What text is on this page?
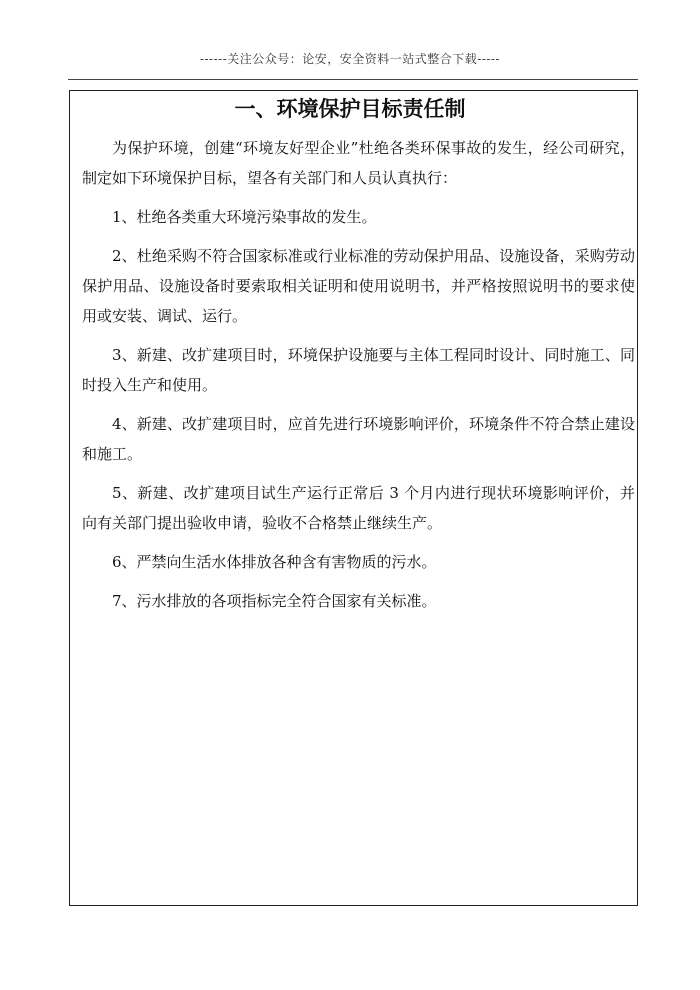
------关注公众号：论安，安全资料一站式整合下载-----
一、环境保护目标责任制

为保护环境，创建“环境友好型企业”杜绝各类环保事故的发生，经公司研究，制定如下环境保护目标，望各有关部门和人员认真执行：

1、杜绝各类重大环境污染事故的发生。

2、杜绝采购不符合国家标准或行业标准的劳动保护用品、设施设备，采购劳动保护用品、设施设备时要索取相关证明和使用说明书，并严格按照说明书的要求使用或安装、调试、运行。

3、新建、改扩建项目时，环境保护设施要与主体工程同时设计、同时施工、同时投入生产和使用。

4、新建、改扩建项目时，应首先进行环境影响评价，环境条件不符合禁止建设和施工。

5、新建、改扩建项目试生产运行正常后 3 个月内进行现状环境影响评价，并向有关部门提出验收申请，验收不合格禁止继续生产。

6、严禁向生活水体排放各种含有害物质的污水。

7、污水排放的各项指标完全符合国家有关标准。
